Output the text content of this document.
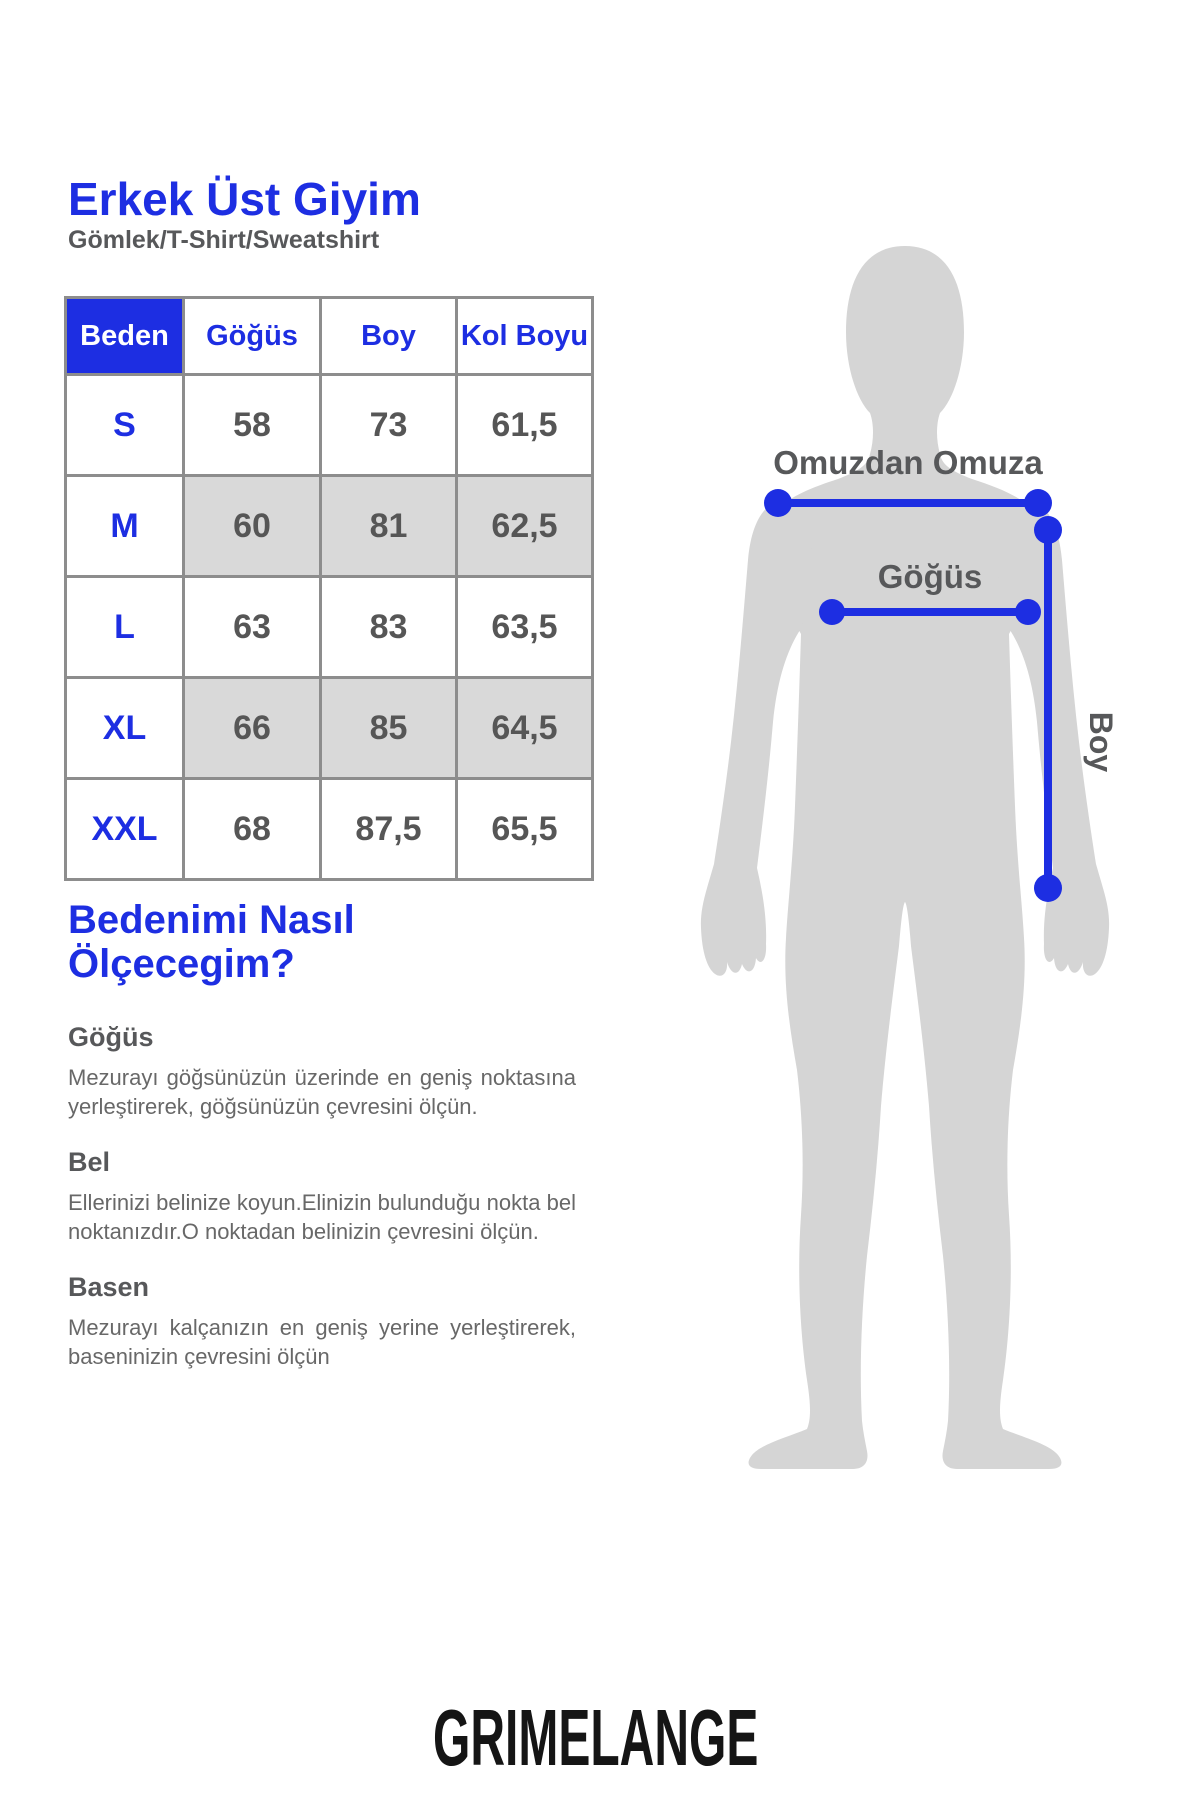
Erkek Üst Giyim
Gömlek/T-Shirt/Sweatshirt
Beden	Göğüs	Boy	Kol Boyu
S	58	73	61,5
M	60	81	62,5
L	63	83	63,5
XL	66	85	64,5
XXL	68	87,5	65,5
Bedenimi Nasıl Ölçecegim?
Göğüs

Mezurayı göğsünüzün üzerinde en geniş noktasına yerleştirerek, göğsünüzün çevresini ölçün.

Bel

Ellerinizi belinize koyun.Elinizin bulunduğu nokta bel noktanızdır.O noktadan belinizin çevresini ölçün.

Basen

Mezurayı kalçanızın en geniş yerine yerleştirerek, baseninizin çevresini ölçün

Omuzdan Omuza
Göğüs
Boy
GRIMELANGE
